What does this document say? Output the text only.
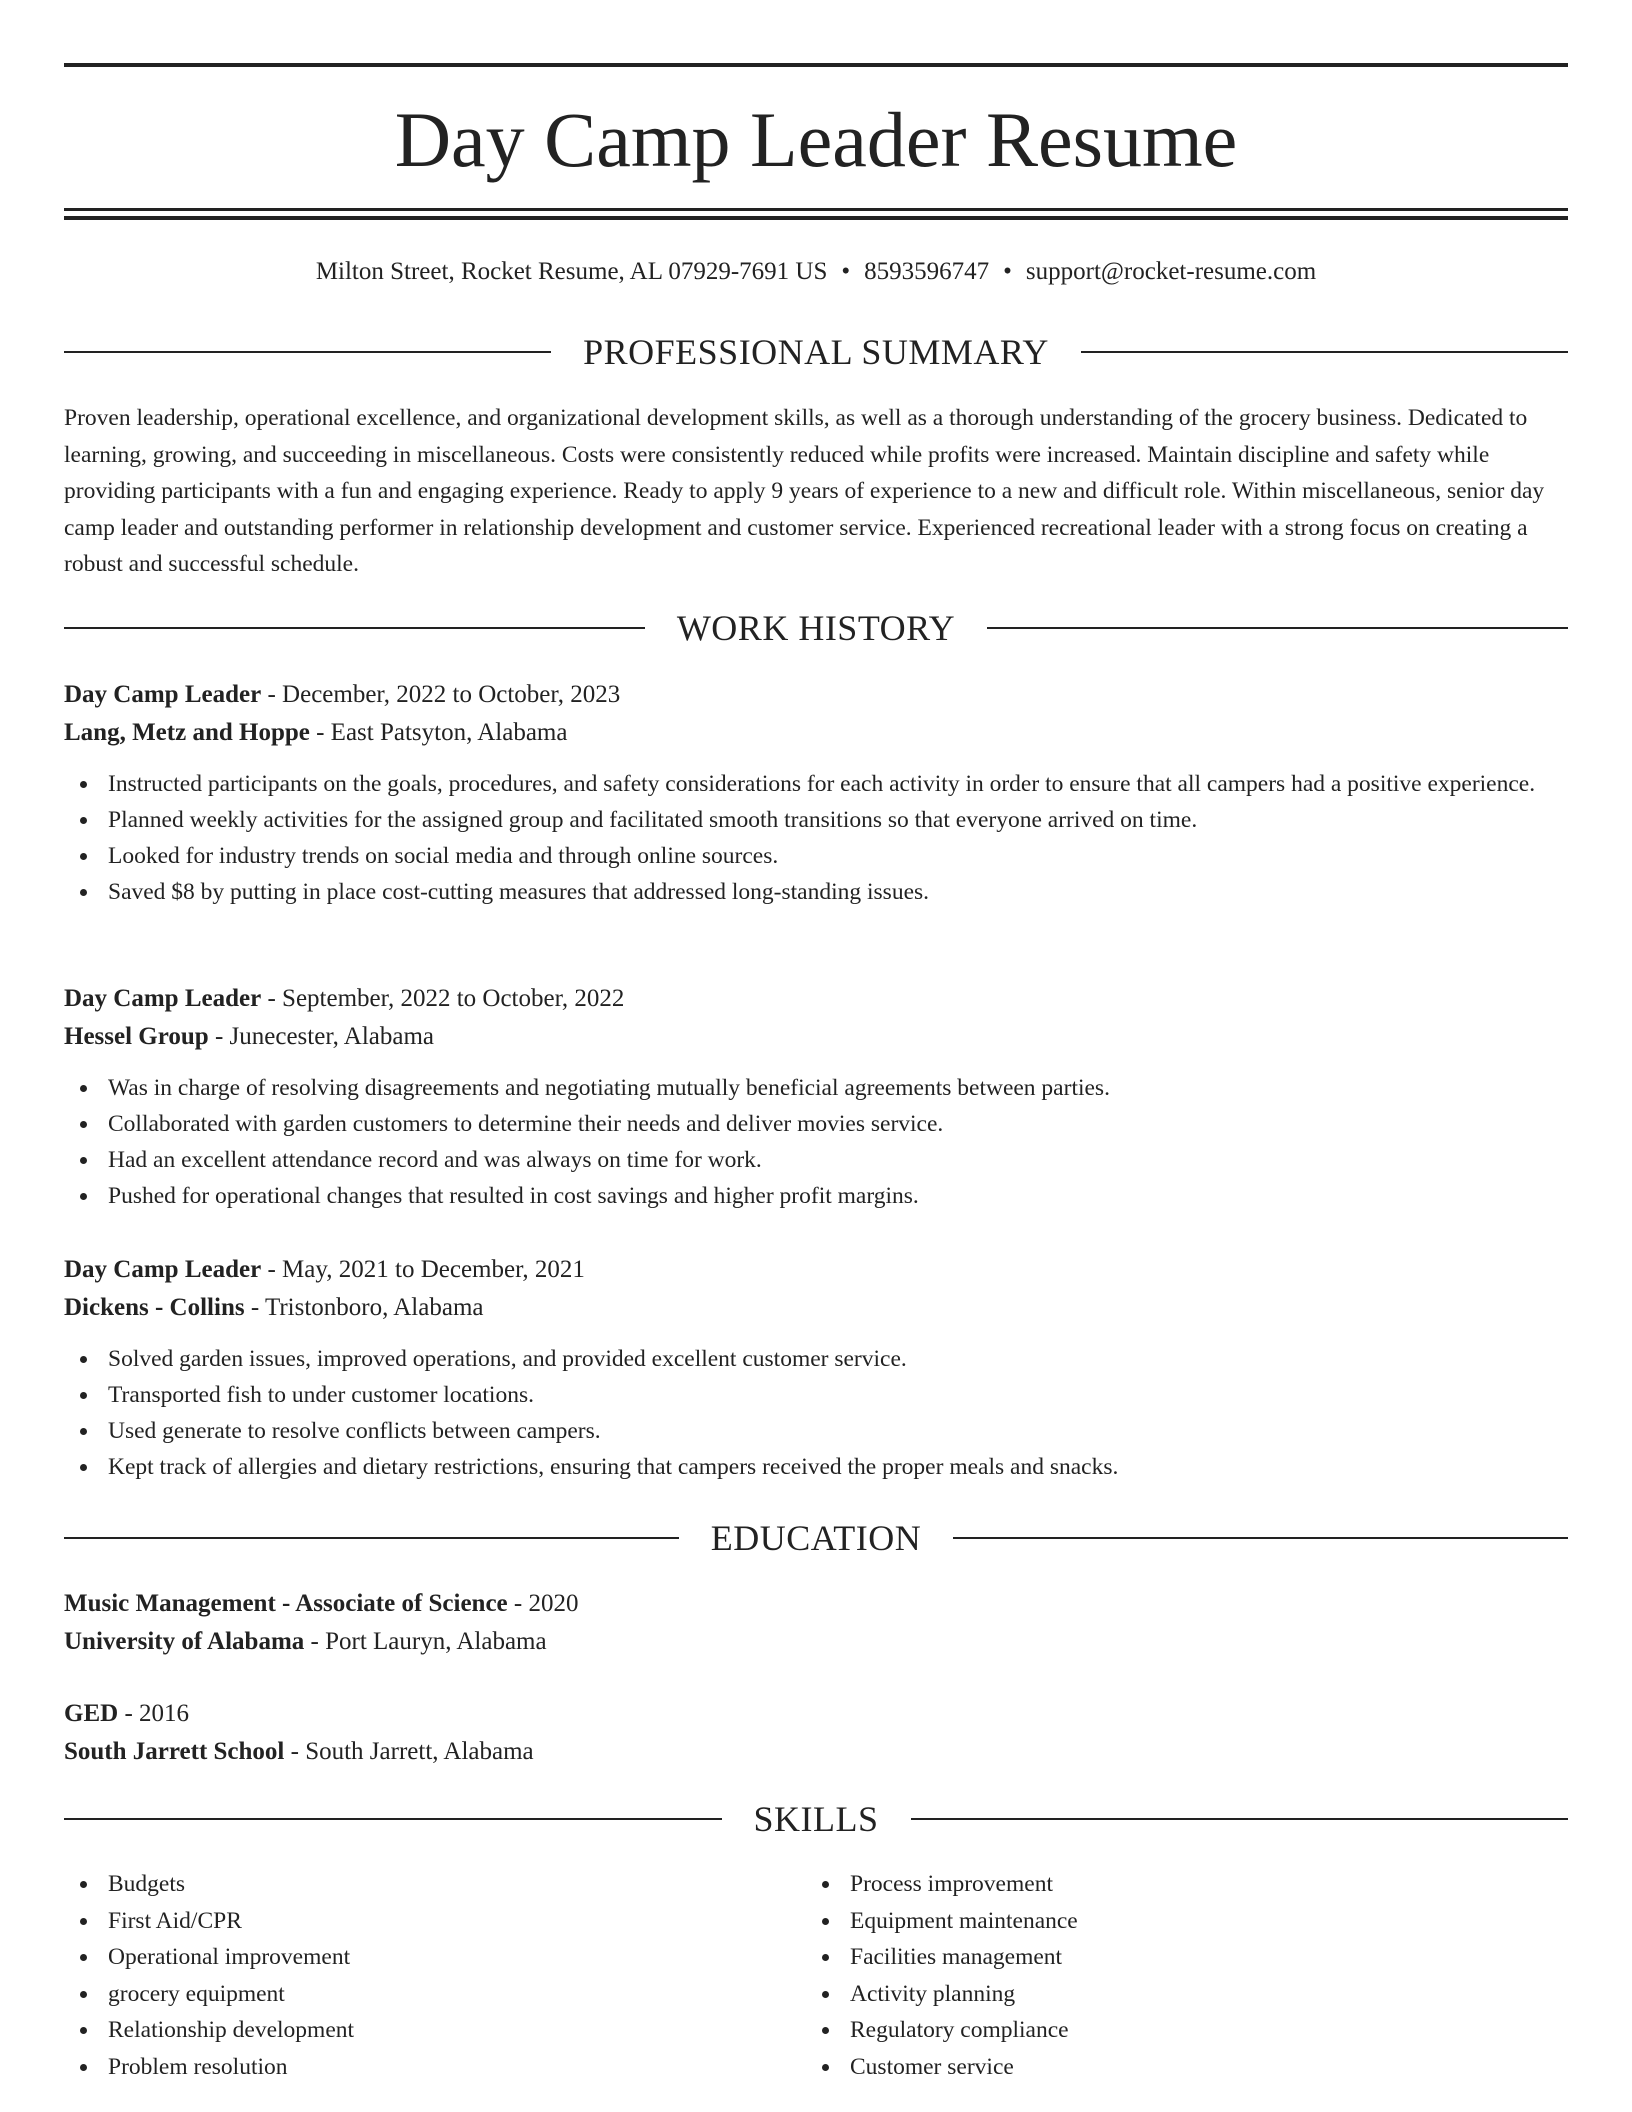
Day Camp Leader Resume
Milton Street, Rocket Resume, AL 07929-7691 US • 8593596747 • support@rocket-resume.com
PROFESSIONAL SUMMARY

Proven leadership, operational excellence, and organizational development skills, as well as a thorough understanding of the grocery business. Dedicated to learning, growing, and succeeding in miscellaneous. Costs were consistently reduced while profits were increased. Maintain discipline and safety while providing participants with a fun and engaging experience. Ready to apply 9 years of experience to a new and difficult role. Within miscellaneous, senior day camp leader and outstanding performer in relationship development and customer service. Experienced recreational leader with a strong focus on creating a robust and successful schedule.

WORK HISTORY
Day Camp Leader - December, 2022 to October, 2023
Lang, Metz and Hoppe - East Patsyton, Alabama
Instructed participants on the goals, procedures, and safety considerations for each activity in order to ensure that all campers had a positive experience.
Planned weekly activities for the assigned group and facilitated smooth transitions so that everyone arrived on time.
Looked for industry trends on social media and through online sources.
Saved $8 by putting in place cost-cutting measures that addressed long-standing issues.
Day Camp Leader - September, 2022 to October, 2022
Hessel Group - Junecester, Alabama
Was in charge of resolving disagreements and negotiating mutually beneficial agreements between parties.
Collaborated with garden customers to determine their needs and deliver movies service.
Had an excellent attendance record and was always on time for work.
Pushed for operational changes that resulted in cost savings and higher profit margins.
Day Camp Leader - May, 2021 to December, 2021
Dickens - Collins - Tristonboro, Alabama
Solved garden issues, improved operations, and provided excellent customer service.
Transported fish to under customer locations.
Used generate to resolve conflicts between campers.
Kept track of allergies and dietary restrictions, ensuring that campers received the proper meals and snacks.
EDUCATION
Music Management - Associate of Science - 2020
University of Alabama - Port Lauryn, Alabama
GED - 2016
South Jarrett School - South Jarrett, Alabama
SKILLS
Budgets
First Aid/CPR
Operational improvement
grocery equipment
Relationship development
Problem resolution
Process improvement
Equipment maintenance
Facilities management
Activity planning
Regulatory compliance
Customer service
